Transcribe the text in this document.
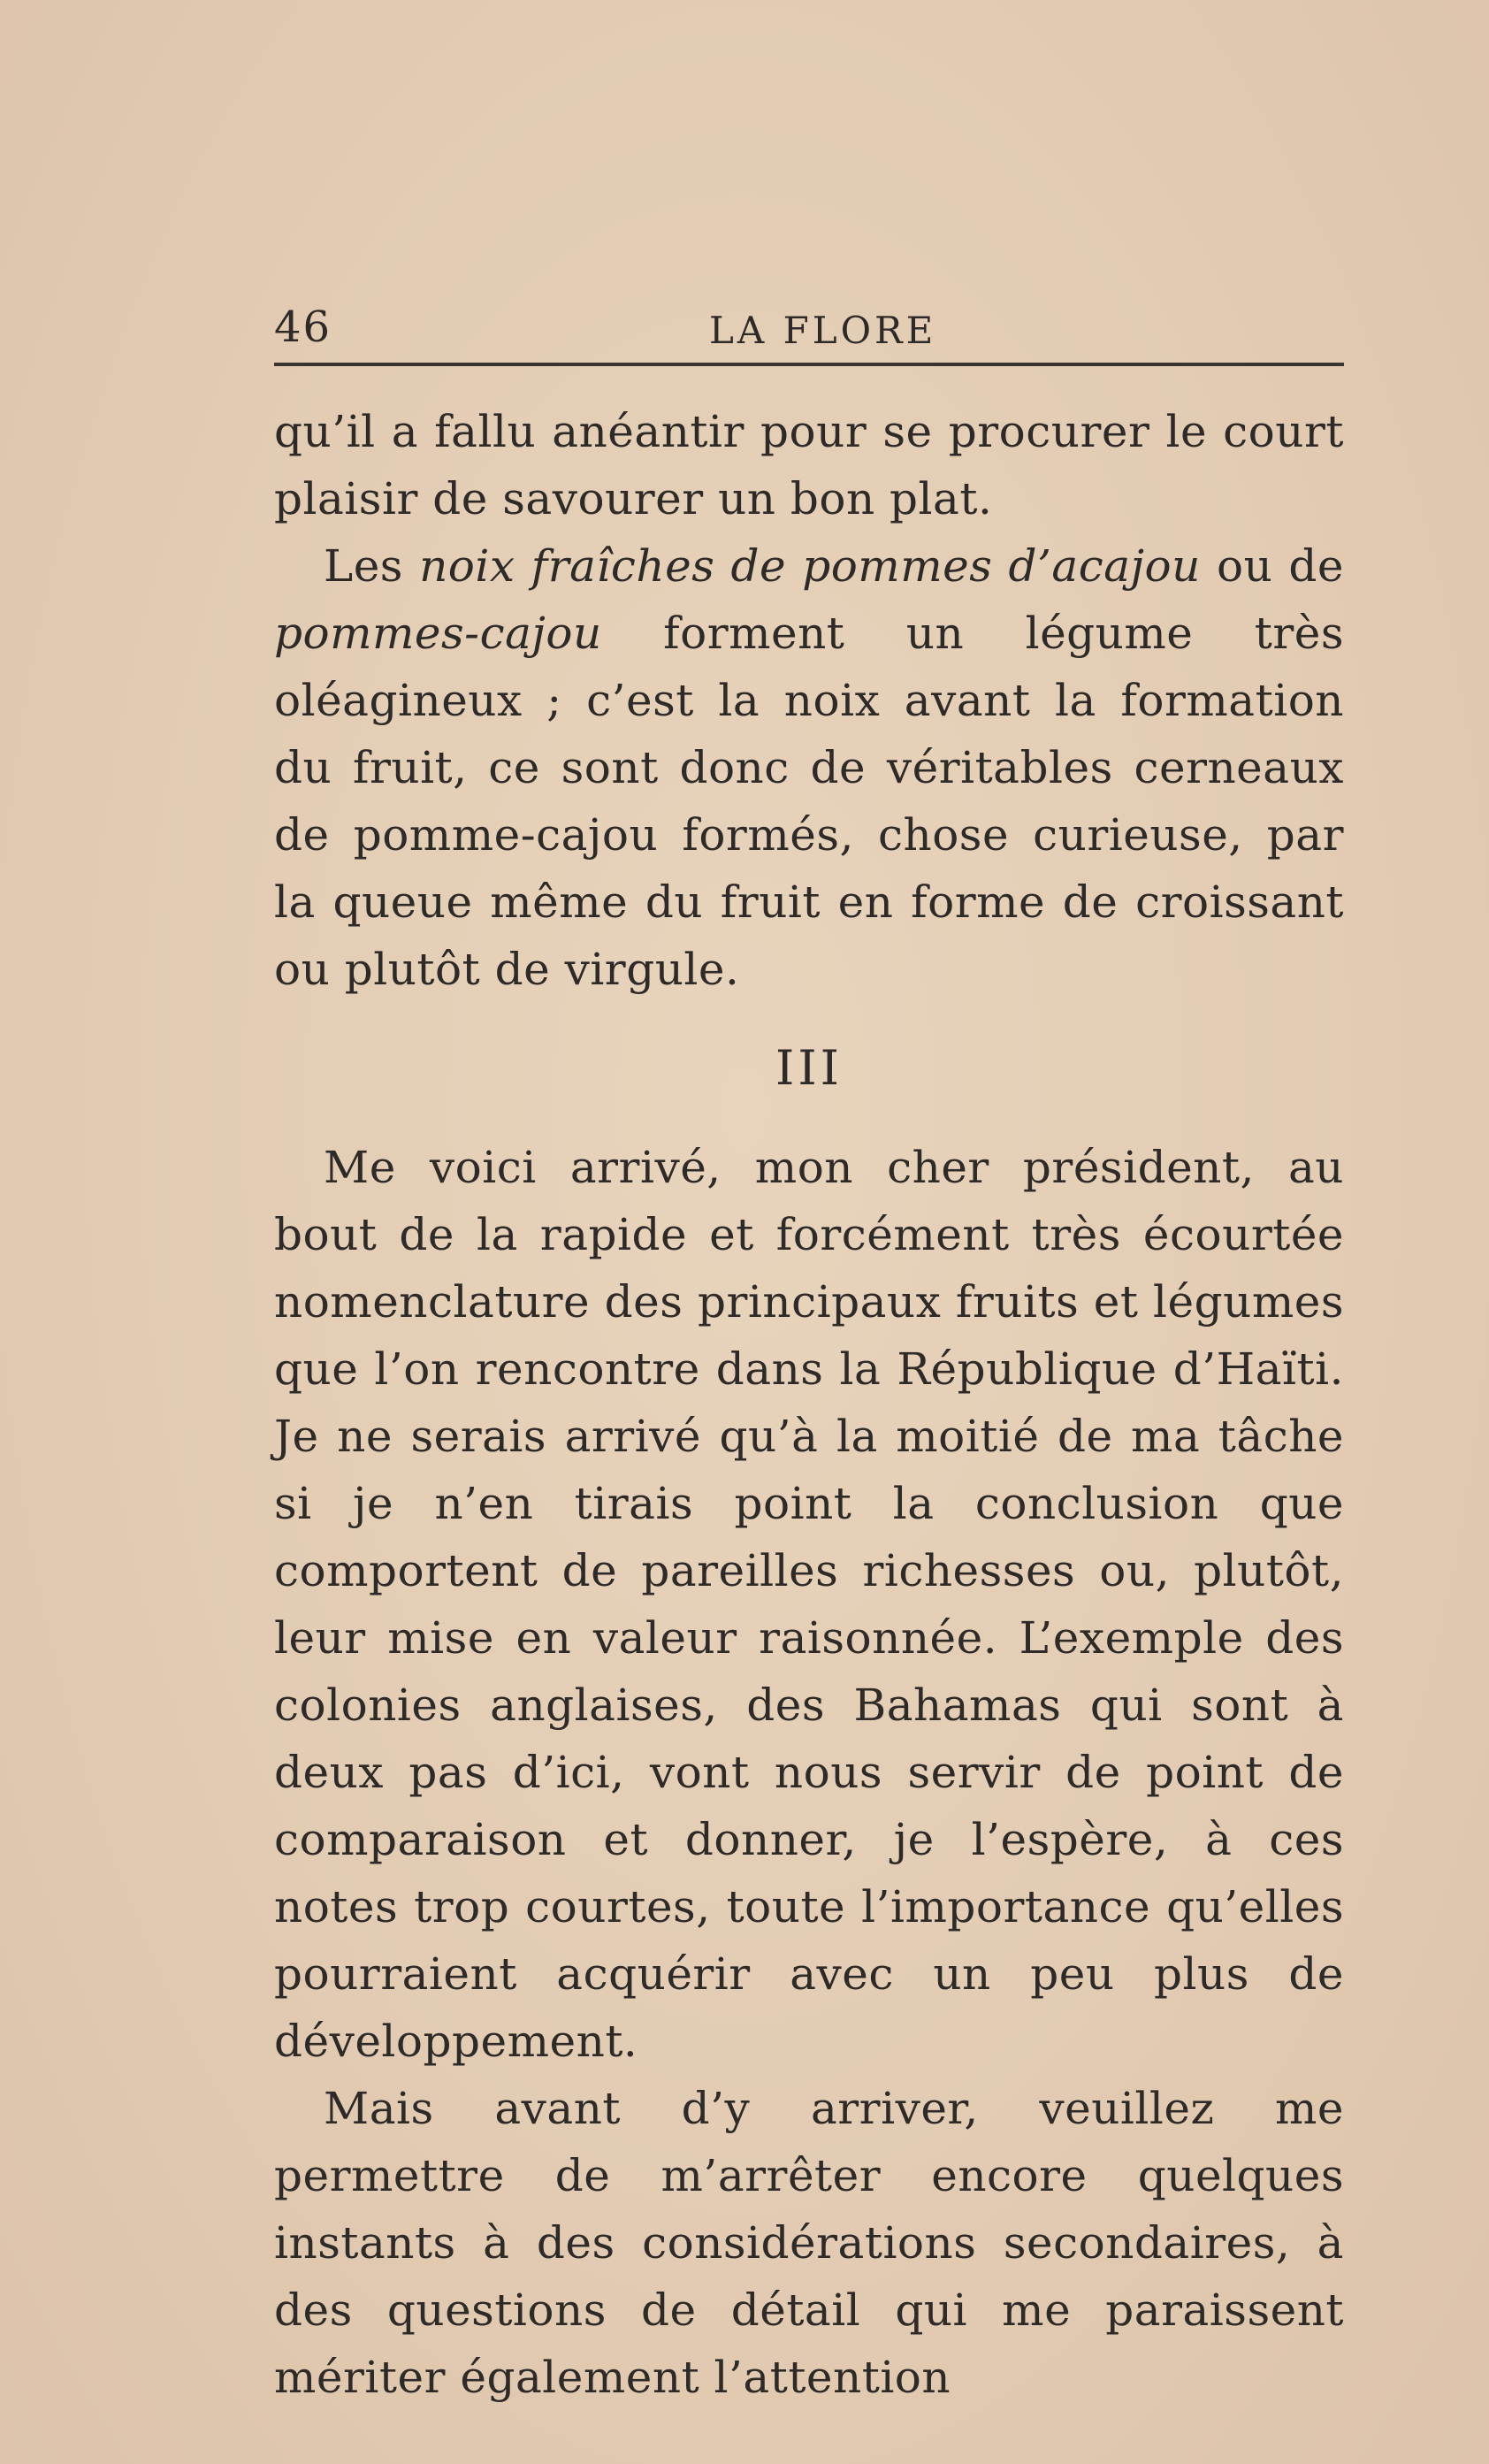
46	LA FLORE

qu’il a fallu anéantir pour se procurer le court plaisir de savourer un bon plat.

Les noix fraîches de pommes d’acajou ou de pommes-cajou forment un légume très oléagineux ; c’est la noix avant la formation du fruit, ce sont donc de véritables cerneaux de pomme-cajou formés, chose curieuse, par la queue même du fruit en forme de croissant ou plutôt de virgule.

III

Me voici arrivé, mon cher président, au bout de la rapide et forcément très écourtée nomenclature des principaux fruits et légumes que l’on rencontre dans la République d’Haïti. Je ne serais arrivé qu’à la moitié de ma tâche si je n’en tirais point la conclusion que comportent de pareilles richesses ou, plutôt, leur mise en valeur raisonnée. L’exemple des colonies anglaises, des Bahamas qui sont à deux pas d’ici, vont nous servir de point de comparaison et donner, je l’espère, à ces notes trop courtes, toute l’importance qu’elles pourraient acquérir avec un peu plus de développement.

Mais avant d’y arriver, veuillez me permettre de m’arrêter encore quelques instants à des considérations secondaires, à des questions de détail qui me paraissent mériter également l’attention
